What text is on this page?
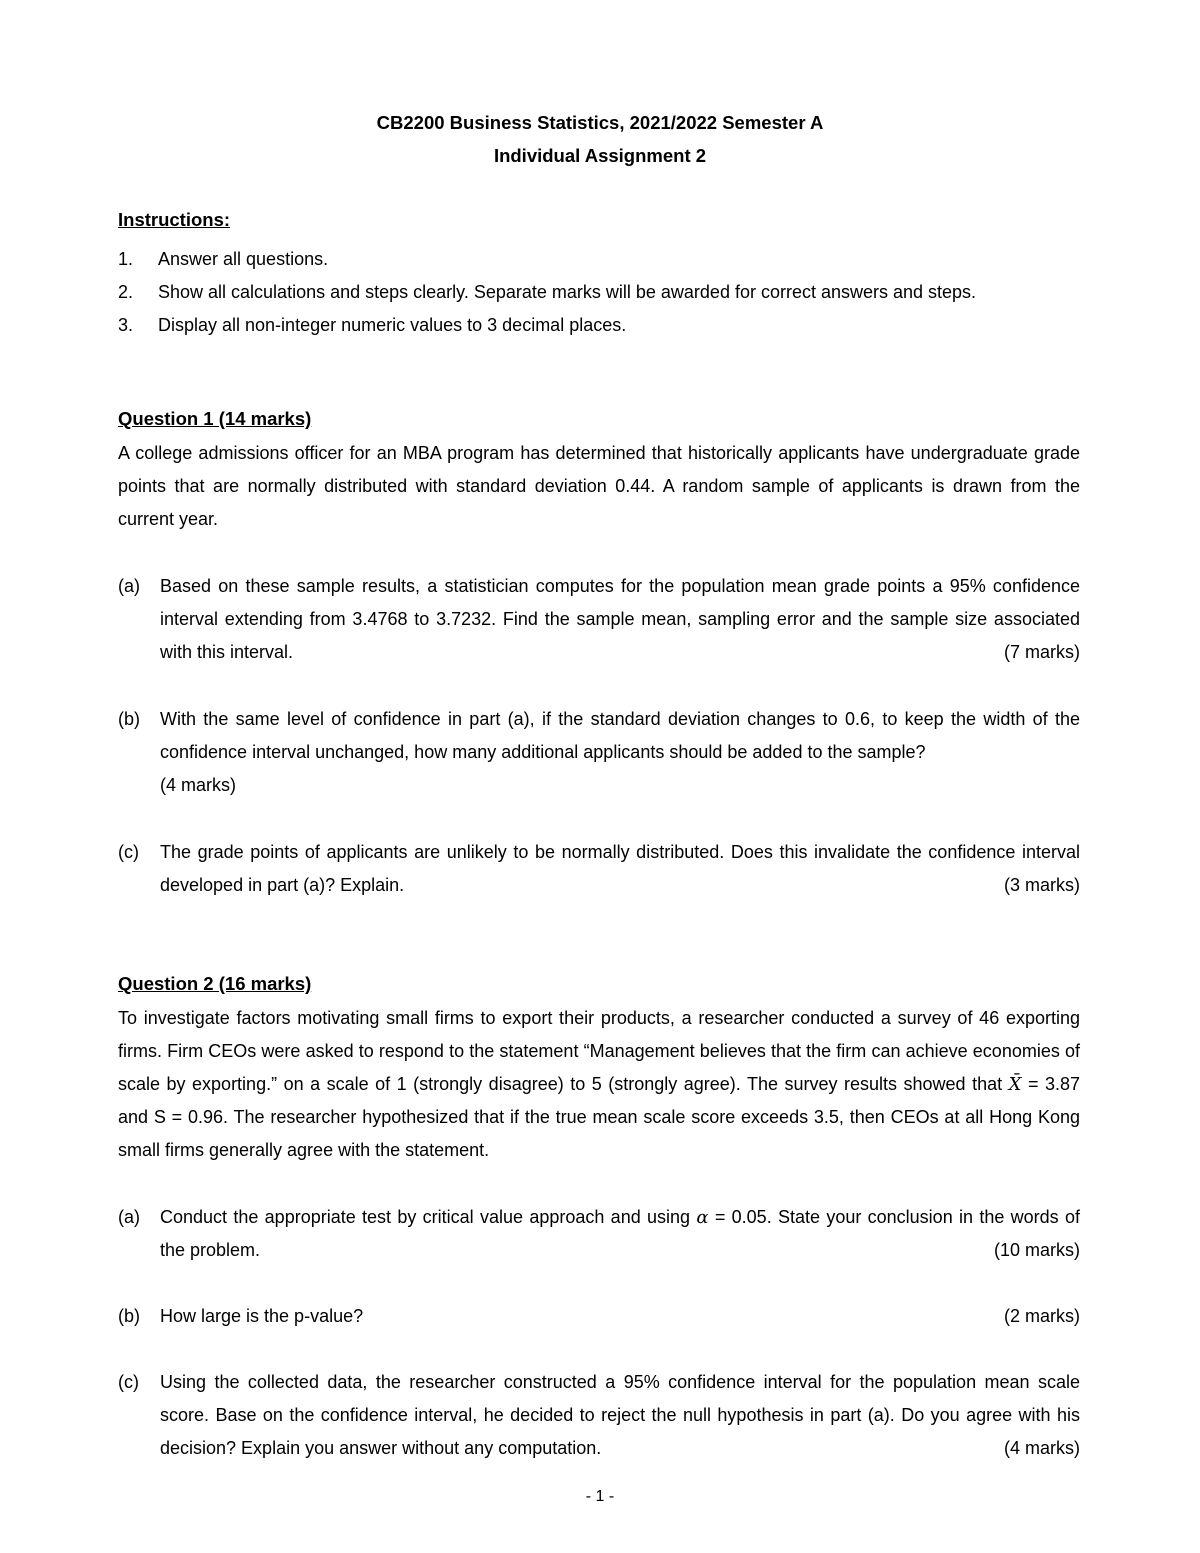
CB2200 Business Statistics, 2021/2022 Semester A
Individual Assignment 2
Instructions:
1. Answer all questions.
2. Show all calculations and steps clearly. Separate marks will be awarded for correct answers and steps.
3. Display all non-integer numeric values to 3 decimal places.
Question 1 (14 marks)
A college admissions officer for an MBA program has determined that historically applicants have undergraduate grade points that are normally distributed with standard deviation 0.44. A random sample of applicants is drawn from the current year.
(a) Based on these sample results, a statistician computes for the population mean grade points a 95% confidence interval extending from 3.4768 to 3.7232. Find the sample mean, sampling error and the sample size associated with this interval.	(7 marks)
(b) With the same level of confidence in part (a), if the standard deviation changes to 0.6, to keep the width of the confidence interval unchanged, how many additional applicants should be added to the sample?
(4 marks)
(c) The grade points of applicants are unlikely to be normally distributed. Does this invalidate the confidence interval developed in part (a)? Explain.	(3 marks)
Question 2 (16 marks)
To investigate factors motivating small firms to export their products, a researcher conducted a survey of 46 exporting firms. Firm CEOs were asked to respond to the statement “Management believes that the firm can achieve economies of scale by exporting.” on a scale of 1 (strongly disagree) to 5 (strongly agree). The survey results showed that X̄ = 3.87 and S = 0.96. The researcher hypothesized that if the true mean scale score exceeds 3.5, then CEOs at all Hong Kong small firms generally agree with the statement.
(a) Conduct the appropriate test by critical value approach and using α = 0.05. State your conclusion in the words of the problem.	(10 marks)
(b) How large is the p-value?	(2 marks)
(c) Using the collected data, the researcher constructed a 95% confidence interval for the population mean scale score. Base on the confidence interval, he decided to reject the null hypothesis in part (a). Do you agree with his decision? Explain you answer without any computation.	(4 marks)
- 1 -
